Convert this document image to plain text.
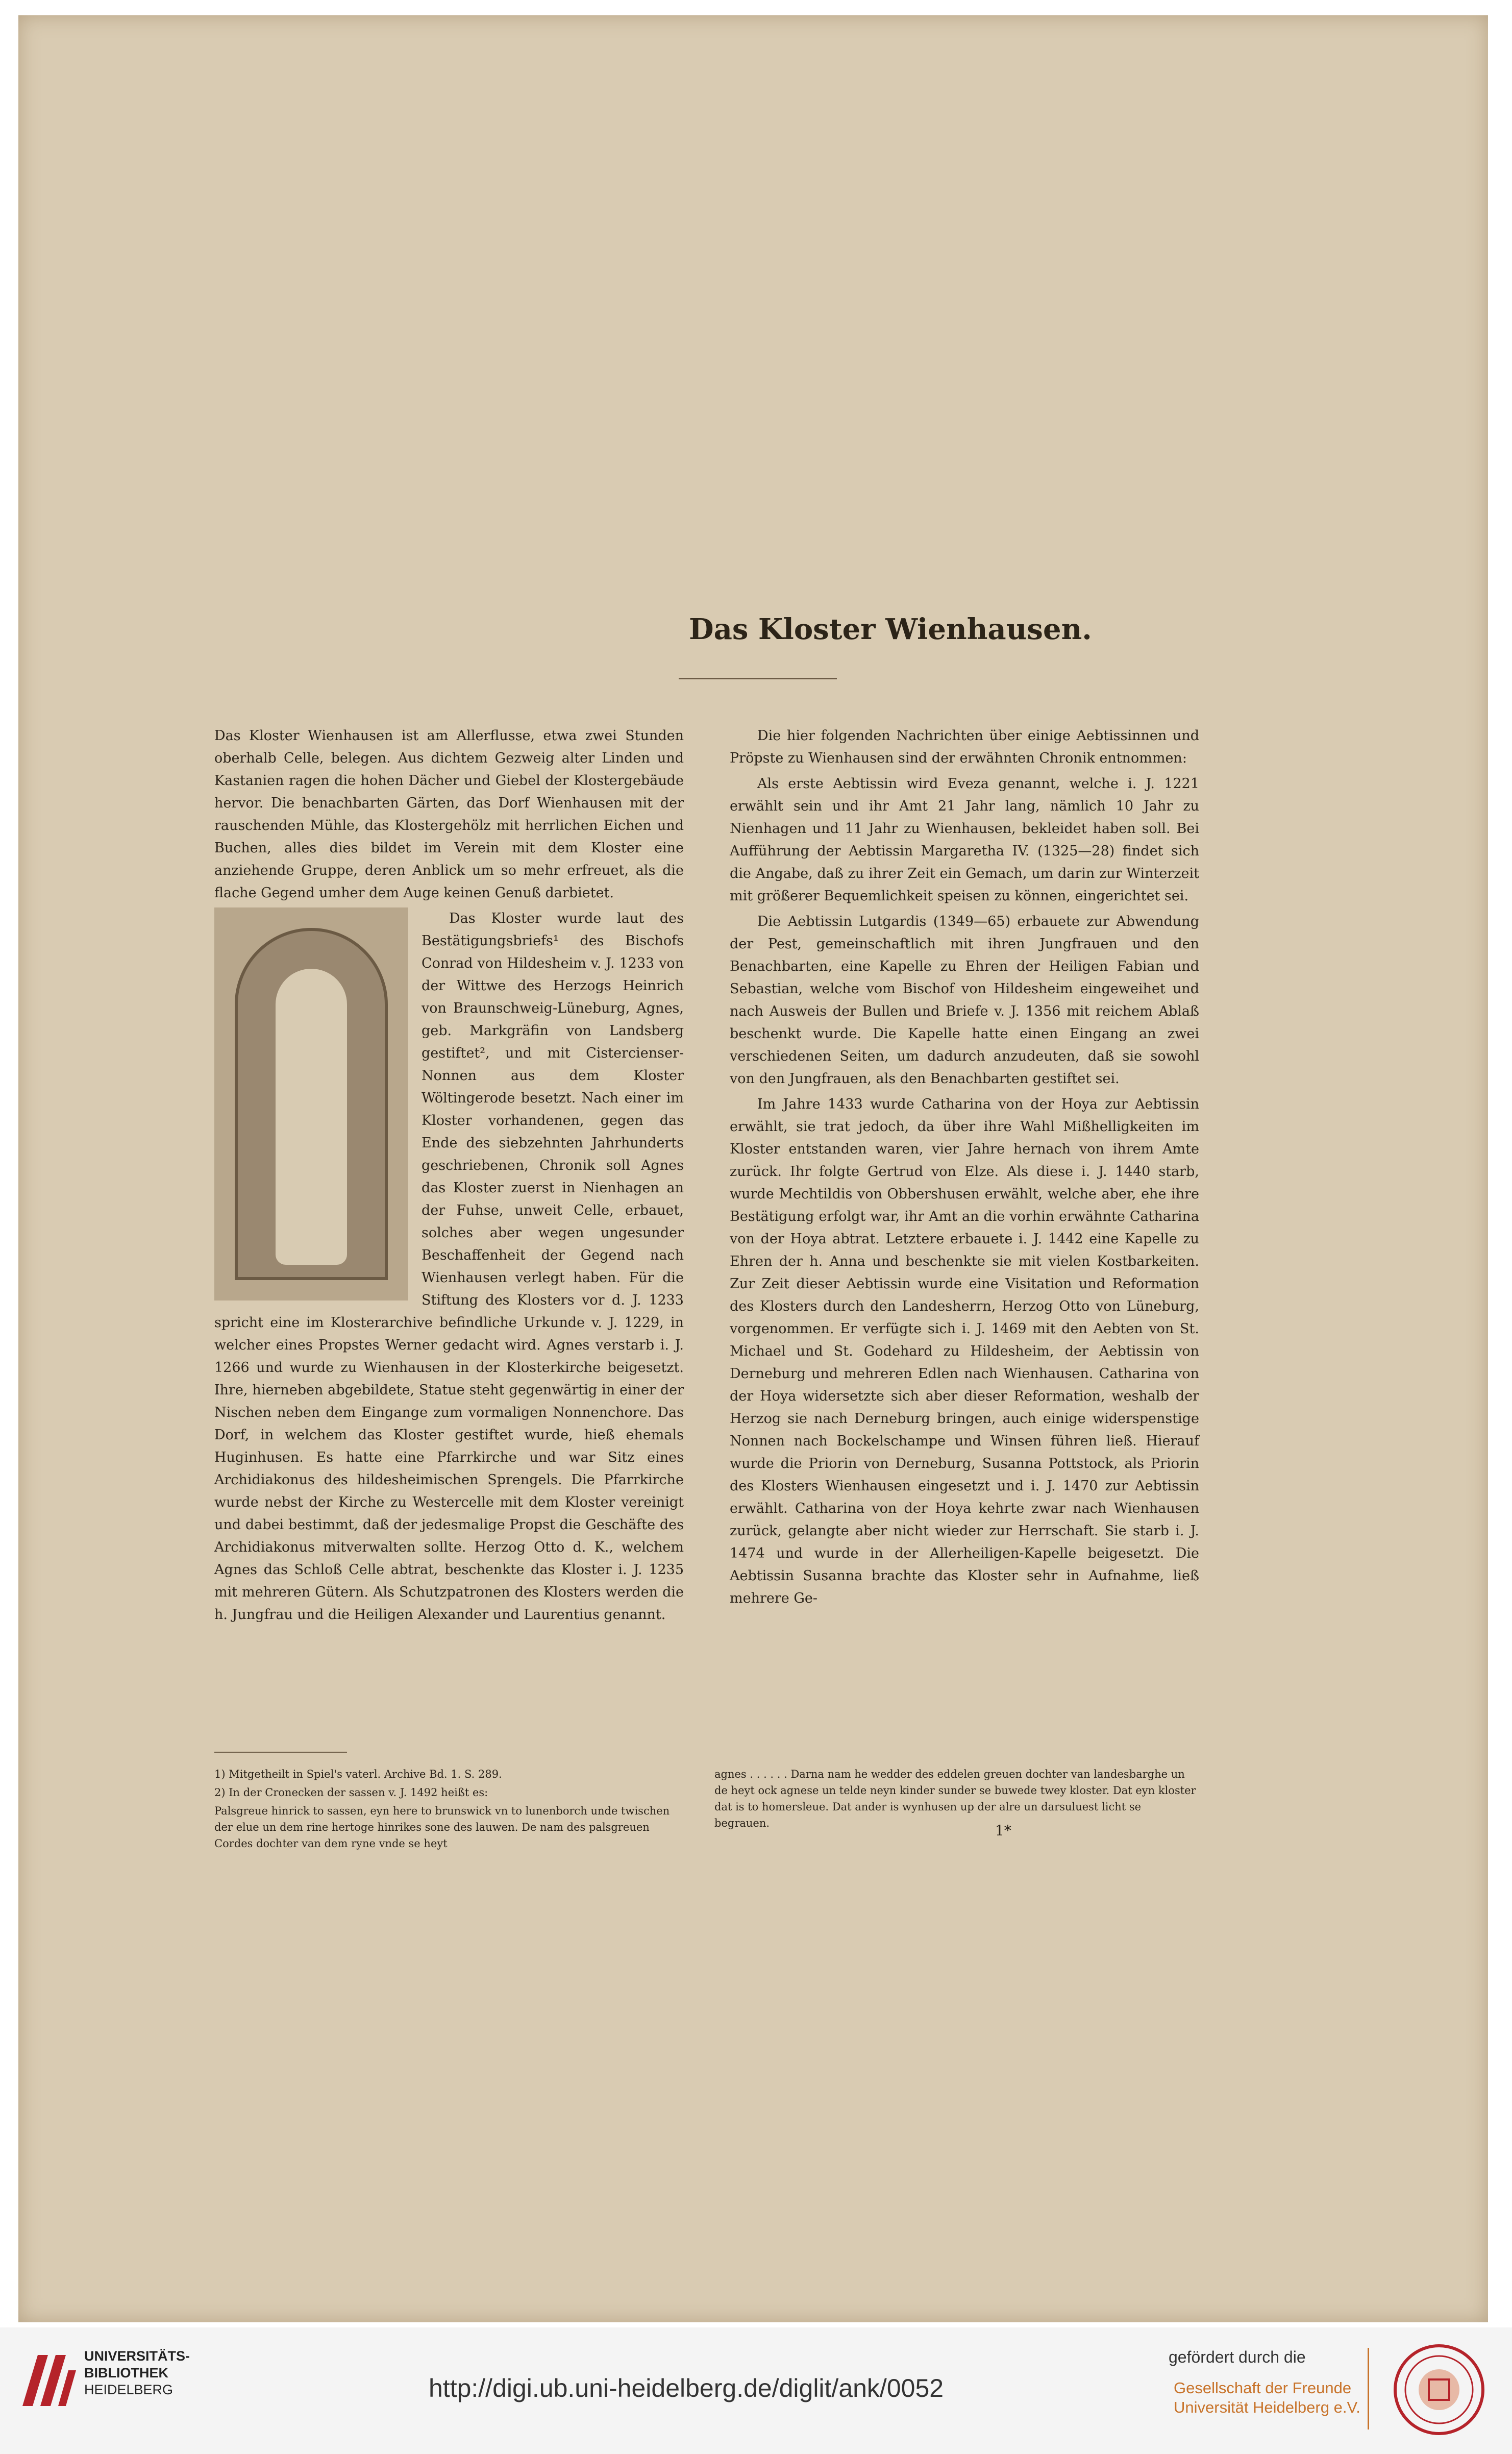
Das Kloster Wienhausen.

Das Kloster Wienhausen ist am Allerflusse, etwa zwei Stunden oberhalb Celle, belegen. Aus dichtem Gezweig alter Linden und Kastanien ragen die hohen Dächer und Giebel der Klostergebäude hervor. Die benachbarten Gärten, das Dorf Wienhausen mit der rauschenden Mühle, das Klostergehölz mit herrlichen Eichen und Buchen, alles dies bildet im Verein mit dem Kloster eine anziehende Gruppe, deren Anblick um so mehr erfreuet, als die flache Gegend umher dem Auge keinen Genuß darbietet.

Das Kloster wurde laut des Bestätigungsbriefs¹ des Bischofs Conrad von Hildesheim v. J. 1233 von der Wittwe des Herzogs Heinrich von Braunschweig-Lüneburg, Agnes, geb. Markgräfin von Landsberg gestiftet², und mit Cistercienser-Nonnen aus dem Kloster Wöltingerode besetzt. Nach einer im Kloster vorhandenen, gegen das Ende des siebzehnten Jahrhunderts geschriebenen, Chronik soll Agnes das Kloster zuerst in Nienhagen an der Fuhse, unweit Celle, erbauet, solches aber wegen ungesunder Beschaffenheit der Gegend nach Wienhausen verlegt haben. Für die Stiftung des Klosters vor d. J. 1233 spricht eine im Klosterarchive befindliche Urkunde v. J. 1229, in welcher eines Propstes Werner gedacht wird. Agnes verstarb i. J. 1266 und wurde zu Wienhausen in der Klosterkirche beigesetzt. Ihre, hierneben abgebildete, Statue steht gegenwärtig in einer der Nischen neben dem Eingange zum vormaligen Nonnenchore. Das Dorf, in welchem das Kloster gestiftet wurde, hieß ehemals Huginhusen. Es hatte eine Pfarrkirche und war Sitz eines Archidiakonus des hildesheimischen Sprengels. Die Pfarrkirche wurde nebst der Kirche zu Westercelle mit dem Kloster vereinigt und dabei bestimmt, daß der jedesmalige Propst die Geschäfte des Archidiakonus mitverwalten sollte. Herzog Otto d. K., welchem Agnes das Schloß Celle abtrat, beschenkte das Kloster i. J. 1235 mit mehreren Gütern. Als Schutzpatronen des Klosters werden die h. Jungfrau und die Heiligen Alexander und Laurentius genannt.

Die hier folgenden Nachrichten über einige Aebtissinnen und Pröpste zu Wienhausen sind der erwähnten Chronik entnommen:

Als erste Aebtissin wird Eveza genannt, welche i. J. 1221 erwählt sein und ihr Amt 21 Jahr lang, nämlich 10 Jahr zu Nienhagen und 11 Jahr zu Wienhausen, bekleidet haben soll. Bei Aufführung der Aebtissin Margaretha IV. (1325—28) findet sich die Angabe, daß zu ihrer Zeit ein Gemach, um darin zur Winterzeit mit größerer Bequemlichkeit speisen zu können, eingerichtet sei.

Die Aebtissin Lutgardis (1349—65) erbauete zur Abwendung der Pest, gemeinschaftlich mit ihren Jungfrauen und den Benachbarten, eine Kapelle zu Ehren der Heiligen Fabian und Sebastian, welche vom Bischof von Hildesheim eingeweihet und nach Ausweis der Bullen und Briefe v. J. 1356 mit reichem Ablaß beschenkt wurde. Die Kapelle hatte einen Eingang an zwei verschiedenen Seiten, um dadurch anzudeuten, daß sie sowohl von den Jungfrauen, als den Benachbarten gestiftet sei.

Im Jahre 1433 wurde Catharina von der Hoya zur Aebtissin erwählt, sie trat jedoch, da über ihre Wahl Mißhelligkeiten im Kloster entstanden waren, vier Jahre hernach von ihrem Amte zurück. Ihr folgte Gertrud von Elze. Als diese i. J. 1440 starb, wurde Mechtildis von Obbershusen erwählt, welche aber, ehe ihre Bestätigung erfolgt war, ihr Amt an die vorhin erwähnte Catharina von der Hoya abtrat. Letztere erbauete i. J. 1442 eine Kapelle zu Ehren der h. Anna und beschenkte sie mit vielen Kostbarkeiten. Zur Zeit dieser Aebtissin wurde eine Visitation und Reformation des Klosters durch den Landesherrn, Herzog Otto von Lüneburg, vorgenommen. Er verfügte sich i. J. 1469 mit den Aebten von St. Michael und St. Godehard zu Hildesheim, der Aebtissin von Derneburg und mehreren Edlen nach Wienhausen. Catharina von der Hoya widersetzte sich aber dieser Reformation, weshalb der Herzog sie nach Derneburg bringen, auch einige widerspenstige Nonnen nach Bockelschampe und Winsen führen ließ. Hierauf wurde die Priorin von Derneburg, Susanna Pottstock, als Priorin des Klosters Wienhausen eingesetzt und i. J. 1470 zur Aebtissin erwählt. Catharina von der Hoya kehrte zwar nach Wienhausen zurück, gelangte aber nicht wieder zur Herrschaft. Sie starb i. J. 1474 und wurde in der Allerheiligen-Kapelle beigesetzt. Die Aebtissin Susanna brachte das Kloster sehr in Aufnahme, ließ mehrere Ge-

1) Mitgetheilt in Spiel's vaterl. Archive Bd. 1. S. 289.

2) In der Cronecken der sassen v. J. 1492 heißt es:

Palsgreue hinrick to sassen, eyn here to brunswick vn to lunenborch unde twischen der elue un dem rine hertoge hinrikes sone des lauwen. De nam des palsgreuen Cordes dochter van dem ryne vnde se heyt

agnes . . . . . . Darna nam he wedder des eddelen greuen dochter van landesbarghe un de heyt ock agnese un telde neyn kinder sunder se buwede twey kloster. Dat eyn kloster dat is to homersleue. Dat ander is wynhusen up der alre un darsuluest licht se begrauen.	1*
UNIVERSITÄTS-
BIBLIOTHEK
HEIDELBERG	http://digi.ub.uni-heidelberg.de/diglit/ank/0052
gefördert durch die
Gesellschaft der Freunde
Universität Heidelberg e.V.
